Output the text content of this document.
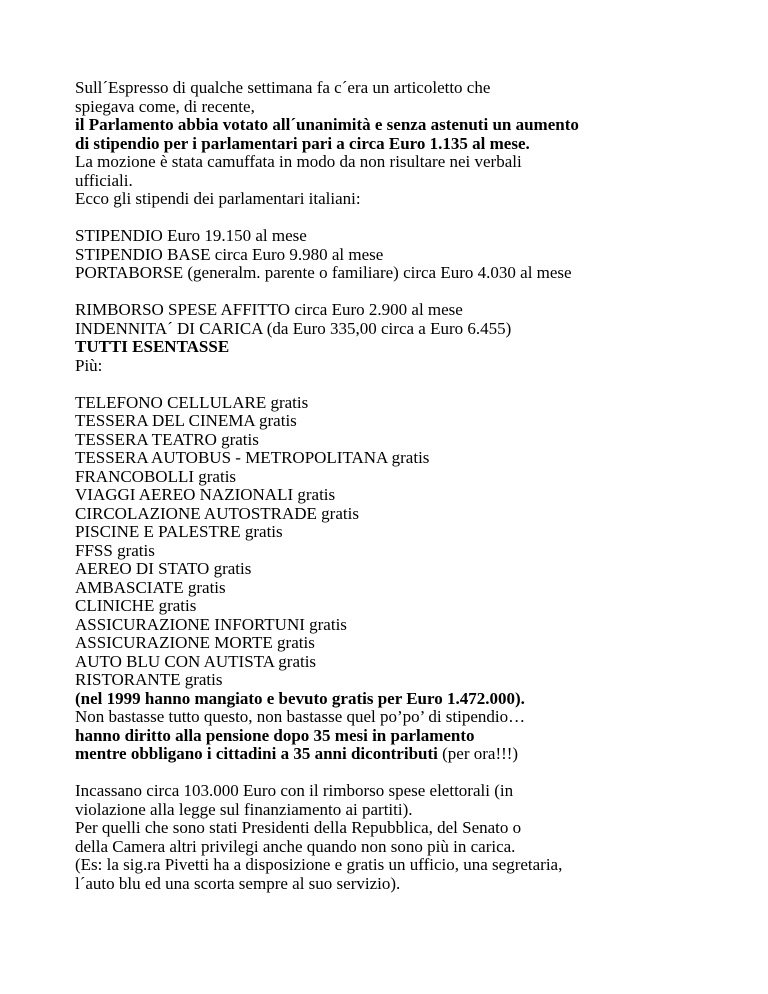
Sull´Espresso di qualche settimana fa c´era un articoletto che
spiegava come, di recente,
il Parlamento abbia votato all´unanimità e senza astenuti un aumento
di stipendio per i parlamentari pari a circa Euro 1.135 al mese.
La mozione è stata camuffata in modo da non risultare nei verbali
ufficiali.
Ecco gli stipendi dei parlamentari italiani:
STIPENDIO Euro 19.150 al mese
STIPENDIO BASE circa Euro 9.980 al mese
PORTABORSE (generalm. parente o familiare) circa Euro 4.030 al mese
RIMBORSO SPESE AFFITTO circa Euro 2.900 al mese
INDENNITA´ DI CARICA (da Euro 335,00 circa a Euro 6.455)
TUTTI ESENTASSE
Più:
TELEFONO CELLULARE gratis
TESSERA DEL CINEMA gratis
TESSERA TEATRO gratis
TESSERA AUTOBUS - METROPOLITANA gratis
FRANCOBOLLI gratis
VIAGGI AEREO NAZIONALI gratis
CIRCOLAZIONE AUTOSTRADE gratis
PISCINE E PALESTRE gratis
FFSS gratis
AEREO DI STATO gratis
AMBASCIATE gratis
CLINICHE gratis
ASSICURAZIONE INFORTUNI gratis
ASSICURAZIONE MORTE gratis
AUTO BLU CON AUTISTA gratis
RISTORANTE gratis
(nel 1999 hanno mangiato e bevuto gratis per Euro 1.472.000).
Non bastasse tutto questo, non bastasse quel po’po’ di stipendio…
hanno diritto alla pensione dopo 35 mesi in parlamento
mentre obbligano i cittadini a 35 anni dicontributi (per ora!!!)
Incassano circa 103.000 Euro con il rimborso spese elettorali (in
violazione alla legge sul finanziamento ai partiti).
Per quelli che sono stati Presidenti della Repubblica, del Senato o
della Camera altri privilegi anche quando non sono più in carica.
(Es: la sig.ra Pivetti ha a disposizione e gratis un ufficio, una segretaria,
l´auto blu ed una scorta sempre al suo servizio).
